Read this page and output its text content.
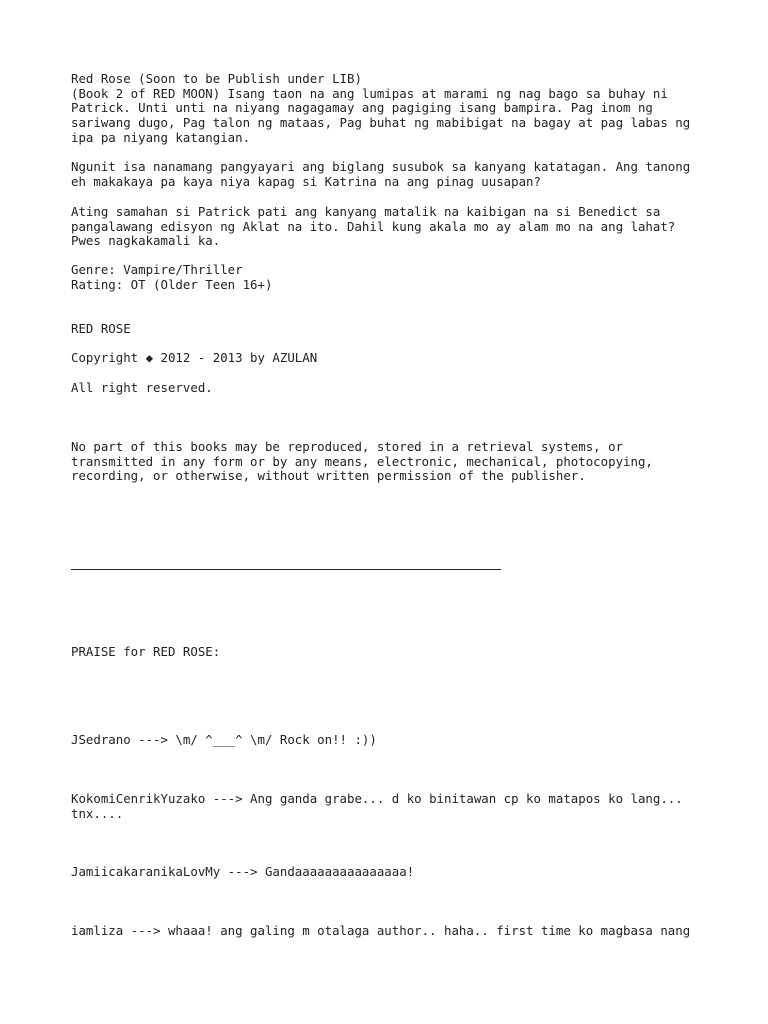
Red Rose (Soon to be Publish under LIB)

(Book 2 of RED MOON) Isang taon na ang lumipas at marami ng nag bago sa buhay ni

Patrick. Unti unti na niyang nagagamay ang pagiging isang bampira. Pag inom ng

sariwang dugo, Pag talon ng mataas, Pag buhat ng mabibigat na bagay at pag labas ng

ipa pa niyang katangian.

Ngunit isa nanamang pangyayari ang biglang susubok sa kanyang katatagan. Ang tanong

eh makakaya pa kaya niya kapag si Katrina na ang pinag uusapan?

Ating samahan si Patrick pati ang kanyang matalik na kaibigan na si Benedict sa

pangalawang edisyon ng Aklat na ito. Dahil kung akala mo ay alam mo na ang lahat?

Pwes nagkakamali ka.

Genre: Vampire/Thriller

Rating: OT (Older Teen 16+)

RED ROSE

Copyright ◆ 2012 - 2013 by AZULAN

All right reserved.

No part of this books may be reproduced, stored in a retrieval systems, or

transmitted in any form or by any means, electronic, mechanical, photocopying,

recording, or otherwise, without written permission of the publisher.

PRAISE for RED ROSE:

JSedrano ---> \m/ ^___^ \m/ Rock on!! :))

KokomiCenrikYuzako ---> Ang ganda grabe... d ko binitawan cp ko matapos ko lang...

tnx....

JamiicakaranikaLovMy ---> Gandaaaaaaaaaaaaaaa!

iamliza ---> whaaa! ang galing m otalaga author.. haha.. first time ko magbasa nang
